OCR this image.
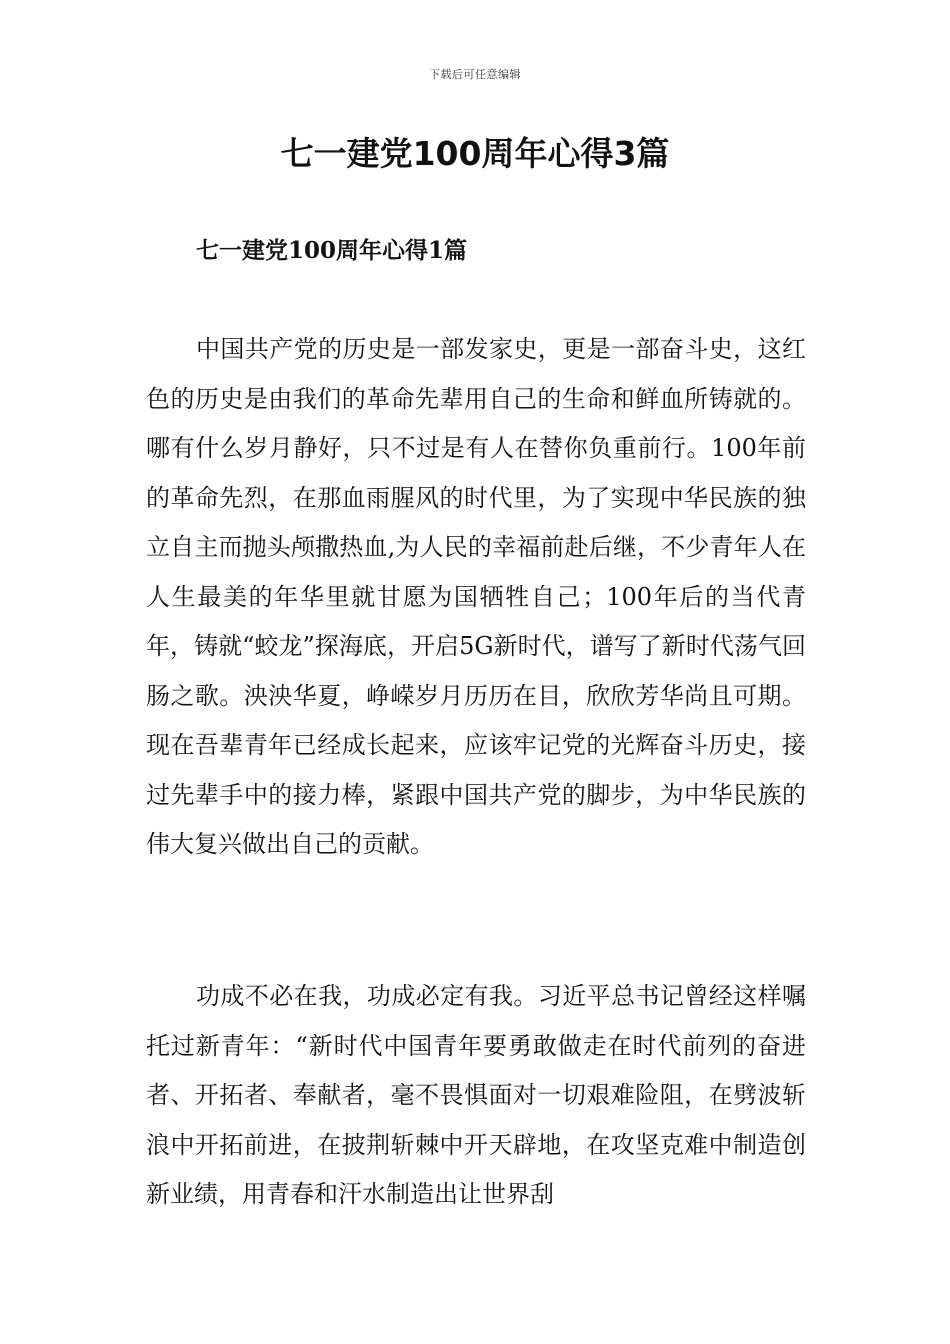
下载后可任意编辑
七一建党100周年心得3篇
七一建党100周年心得1篇

中国共产党的历史是一部发家史，更是一部奋斗史，这红色的历史是由我们的革命先辈用自己的生命和鲜血所铸就的。哪有什么岁月静好，只不过是有人在替你负重前行。100年前的革命先烈，在那血雨腥风的时代里，为了实现中华民族的独立自主而抛头颅撒热血,为人民的幸福前赴后继，不少青年人在人生最美的年华里就甘愿为国牺牲自己；100年后的当代青年，铸就“蛟龙”探海底，开启5G新时代，谱写了新时代荡气回肠之歌。泱泱华夏，峥嵘岁月历历在目，欣欣芳华尚且可期。现在吾辈青年已经成长起来，应该牢记党的光辉奋斗历史，接过先辈手中的接力棒，紧跟中国共产党的脚步，为中华民族的伟大复兴做出自己的贡献。

功成不必在我，功成必定有我。习近平总书记曾经这样嘱托过新青年：“新时代中国青年要勇敢做走在时代前列的奋进者、开拓者、奉献者，毫不畏惧面对一切艰难险阻，在劈波斩浪中开拓前进，在披荆斩棘中开天辟地，在攻坚克难中制造创新业绩，用青春和汗水制造出让世界刮
